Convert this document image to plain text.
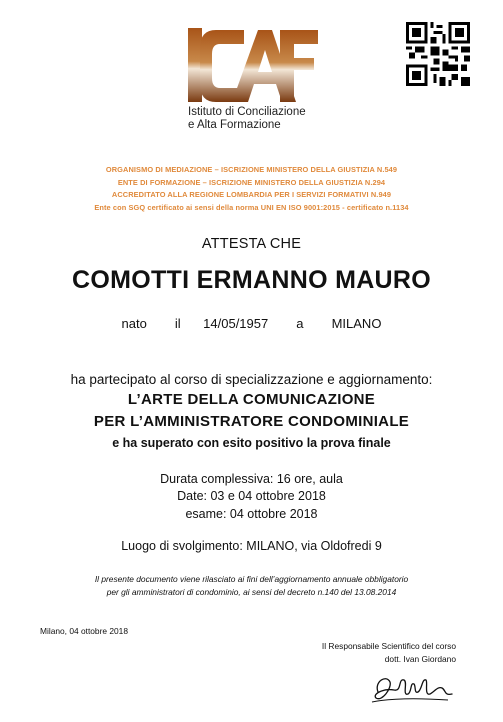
Istituto di Conciliazione
e Alta Formazione
ORGANISMO DI MEDIAZIONE – ISCRIZIONE MINISTERO DELLA GIUSTIZIA N.549
ENTE DI FORMAZIONE – ISCRIZIONE MINISTERO DELLA GIUSTIZIA N.294
ACCREDITATO ALLA REGIONE LOMBARDIA PER I SERVIZI FORMATIVI N.949
Ente con SGQ certificato ai sensi della norma UNI EN ISO 9001:2015 - certificato n.1134
ATTESTA CHE
COMOTTI ERMANNO MAURO
nato il 14/05/1957 a MILANO
ha partecipato al corso di specializzazione e aggiornamento:
L’ARTE DELLA COMUNICAZIONE
PER L’AMMINISTRATORE CONDOMINIALE
e ha superato con esito positivo la prova finale
Durata complessiva: 16 ore, aula
Date: 03 e 04 ottobre 2018
esame: 04 ottobre 2018
Luogo di svolgimento: MILANO, via Oldofredi 9
Il presente documento viene rilasciato ai fini dell’aggiornamento annuale obbligatorio
per gli amministratori di condominio, ai sensi del decreto n.140 del 13.08.2014
Milano, 04 ottobre 2018
Il Responsabile Scientifico del corso
dott. Ivan Giordano
